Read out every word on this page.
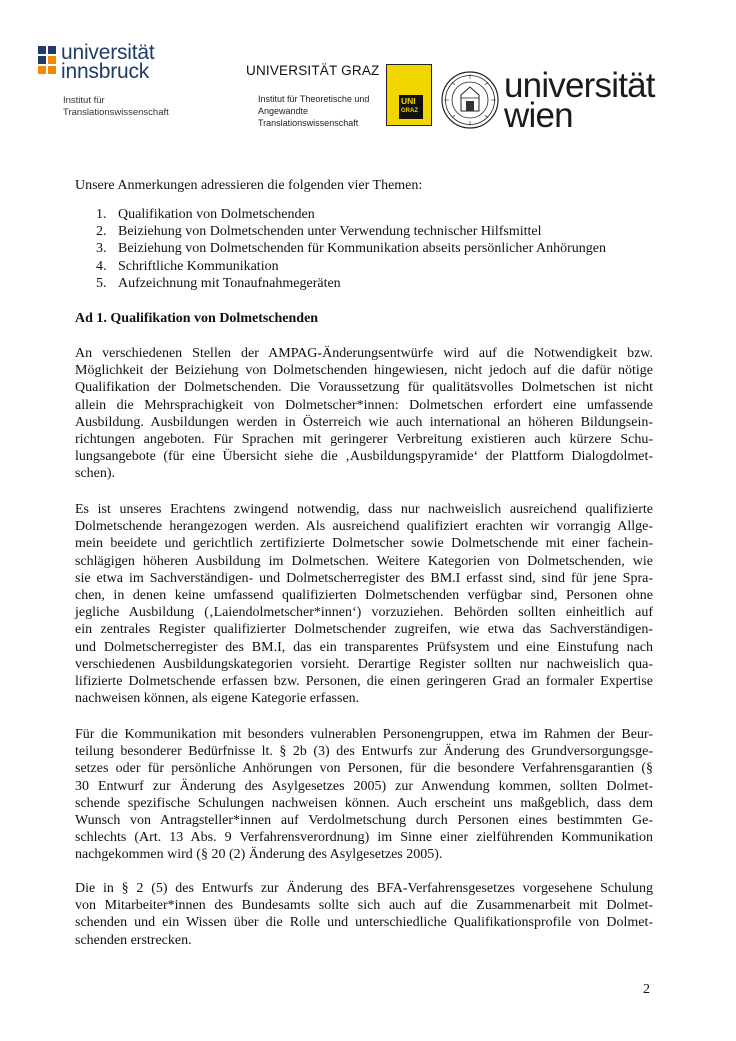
universität
innsbruck
Institut für
Translationswissenschaft
UNIVERSITÄT GRAZ
Institut für Theoretische und
Angewandte Translationswissenschaft
UNI
GRAZ
universität
wien
Unsere Anmerkungen adressieren die folgenden vier Themen:
1. Qualifikation von Dolmetschenden
2. Beiziehung von Dolmetschenden unter Verwendung technischer Hilfsmittel
3. Beiziehung von Dolmetschenden für Kommunikation abseits persönlicher Anhörungen
4. Schriftliche Kommunikation
5. Aufzeichnung mit Tonaufnahmegeräten
Ad 1. Qualifikation von Dolmetschenden
An verschiedenen Stellen der AMPAG-Änderungsentwürfe wird auf die Notwendigkeit bzw.
Möglichkeit der Beiziehung von Dolmetschenden hingewiesen, nicht jedoch auf die dafür nötige
Qualifikation der Dolmetschenden. Die Voraussetzung für qualitätsvolles Dolmetschen ist nicht
allein die Mehrsprachigkeit von Dolmetscher*innen: Dolmetschen erfordert eine umfassende
Ausbildung. Ausbildungen werden in Österreich wie auch international an höheren Bildungsein-
richtungen angeboten. Für Sprachen mit geringerer Verbreitung existieren auch kürzere Schu-
lungsangebote (für eine Übersicht siehe die ‚Ausbildungspyramide‘ der Plattform Dialogdolmet-
schen).
Es ist unseres Erachtens zwingend notwendig, dass nur nachweislich ausreichend qualifizierte
Dolmetschende herangezogen werden. Als ausreichend qualifiziert erachten wir vorrangig Allge-
mein beeidete und gerichtlich zertifizierte Dolmetscher sowie Dolmetschende mit einer fachein-
schlägigen höheren Ausbildung im Dolmetschen. Weitere Kategorien von Dolmetschenden, wie
sie etwa im Sachverständigen- und Dolmetscherregister des BM.I erfasst sind, sind für jene Spra-
chen, in denen keine umfassend qualifizierten Dolmetschenden verfügbar sind, Personen ohne
jegliche Ausbildung (‚Laiendolmetscher*innen‘) vorzuziehen. Behörden sollten einheitlich auf
ein zentrales Register qualifizierter Dolmetschender zugreifen, wie etwa das Sachverständigen-
und Dolmetscherregister des BM.I, das ein transparentes Prüfsystem und eine Einstufung nach
verschiedenen Ausbildungskategorien vorsieht. Derartige Register sollten nur nachweislich qua-
lifizierte Dolmetschende erfassen bzw. Personen, die einen geringeren Grad an formaler Expertise
nachweisen können, als eigene Kategorie erfassen.
Für die Kommunikation mit besonders vulnerablen Personengruppen, etwa im Rahmen der Beur-
teilung besonderer Bedürfnisse lt. § 2b (3) des Entwurfs zur Änderung des Grundversorgungsge-
setzes oder für persönliche Anhörungen von Personen, für die besondere Verfahrensgarantien (§
30 Entwurf zur Änderung des Asylgesetzes 2005) zur Anwendung kommen, sollten Dolmet-
schende spezifische Schulungen nachweisen können. Auch erscheint uns maßgeblich, dass dem
Wunsch von Antragsteller*innen auf Verdolmetschung durch Personen eines bestimmten Ge-
schlechts (Art. 13 Abs. 9 Verfahrensverordnung) im Sinne einer zielführenden Kommunikation
nachgekommen wird (§ 20 (2) Änderung des Asylgesetzes 2005).
Die in § 2 (5) des Entwurfs zur Änderung des BFA-Verfahrensgesetzes vorgesehene Schulung
von Mitarbeiter*innen des Bundesamts sollte sich auch auf die Zusammenarbeit mit Dolmet-
schenden und ein Wissen über die Rolle und unterschiedliche Qualifikationsprofile von Dolmet-
schenden erstrecken.
2
